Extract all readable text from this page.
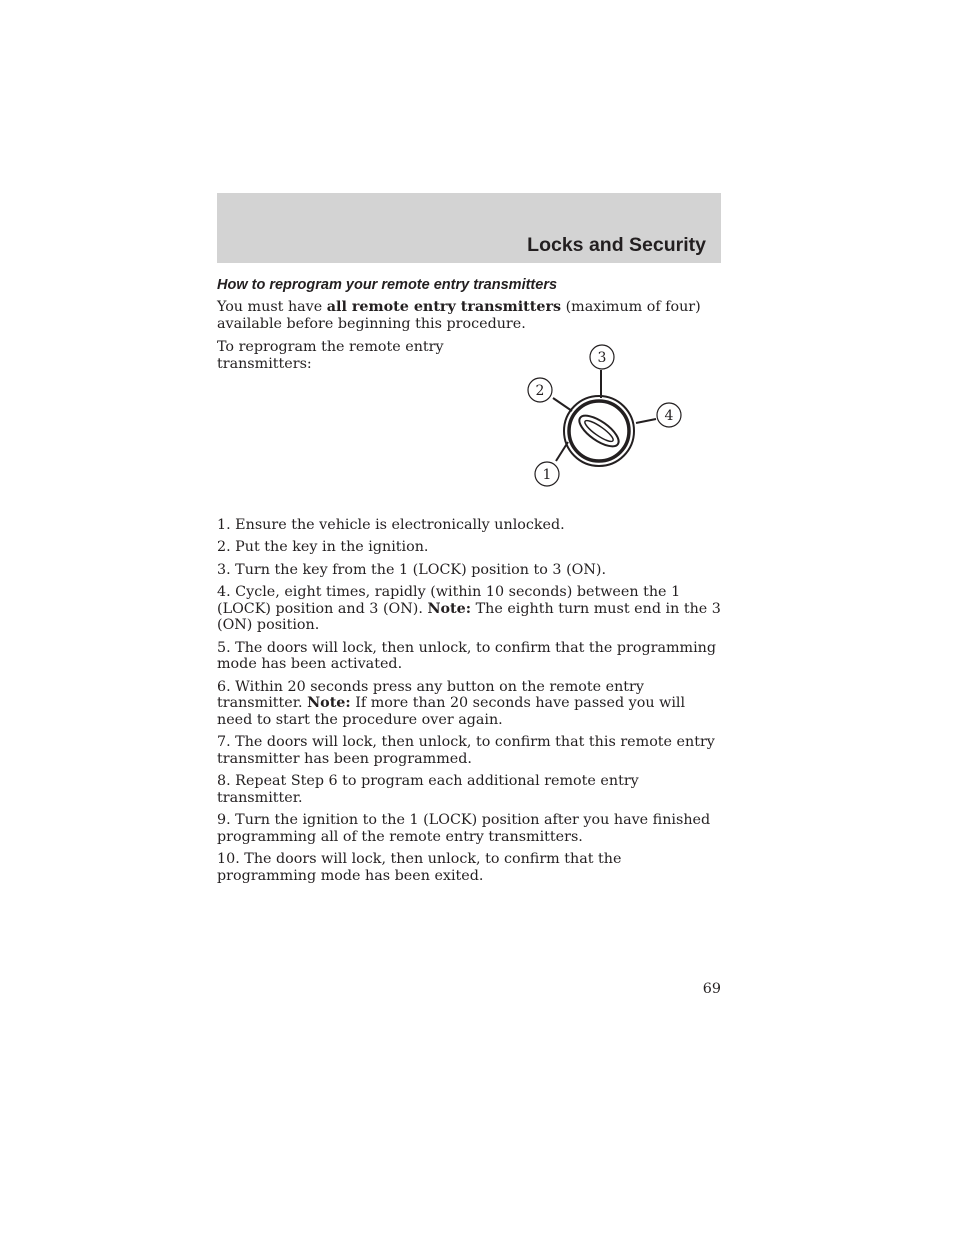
Locks and Security
How to reprogram your remote entry transmitters

You must have all remote entry transmitters (maximum of four) available before beginning this procedure.

To reprogram the remote entry transmitters:	3
2
4
1
1. Ensure the vehicle is electronically unlocked.
2. Put the key in the ignition.
3. Turn the key from the 1 (LOCK) position to 3 (ON).
4. Cycle, eight times, rapidly (within 10 seconds) between the 1 (LOCK) position and 3 (ON). Note: The eighth turn must end in the 3 (ON) position.
5. The doors will lock, then unlock, to confirm that the programming mode has been activated.
6. Within 20 seconds press any button on the remote entry transmitter. Note: If more than 20 seconds have passed you will need to start the procedure over again.
7. The doors will lock, then unlock, to confirm that this remote entry transmitter has been programmed.
8. Repeat Step 6 to program each additional remote entry transmitter.
9. Turn the ignition to the 1 (LOCK) position after you have finished programming all of the remote entry transmitters.
10. The doors will lock, then unlock, to confirm that the programming mode has been exited.
69
